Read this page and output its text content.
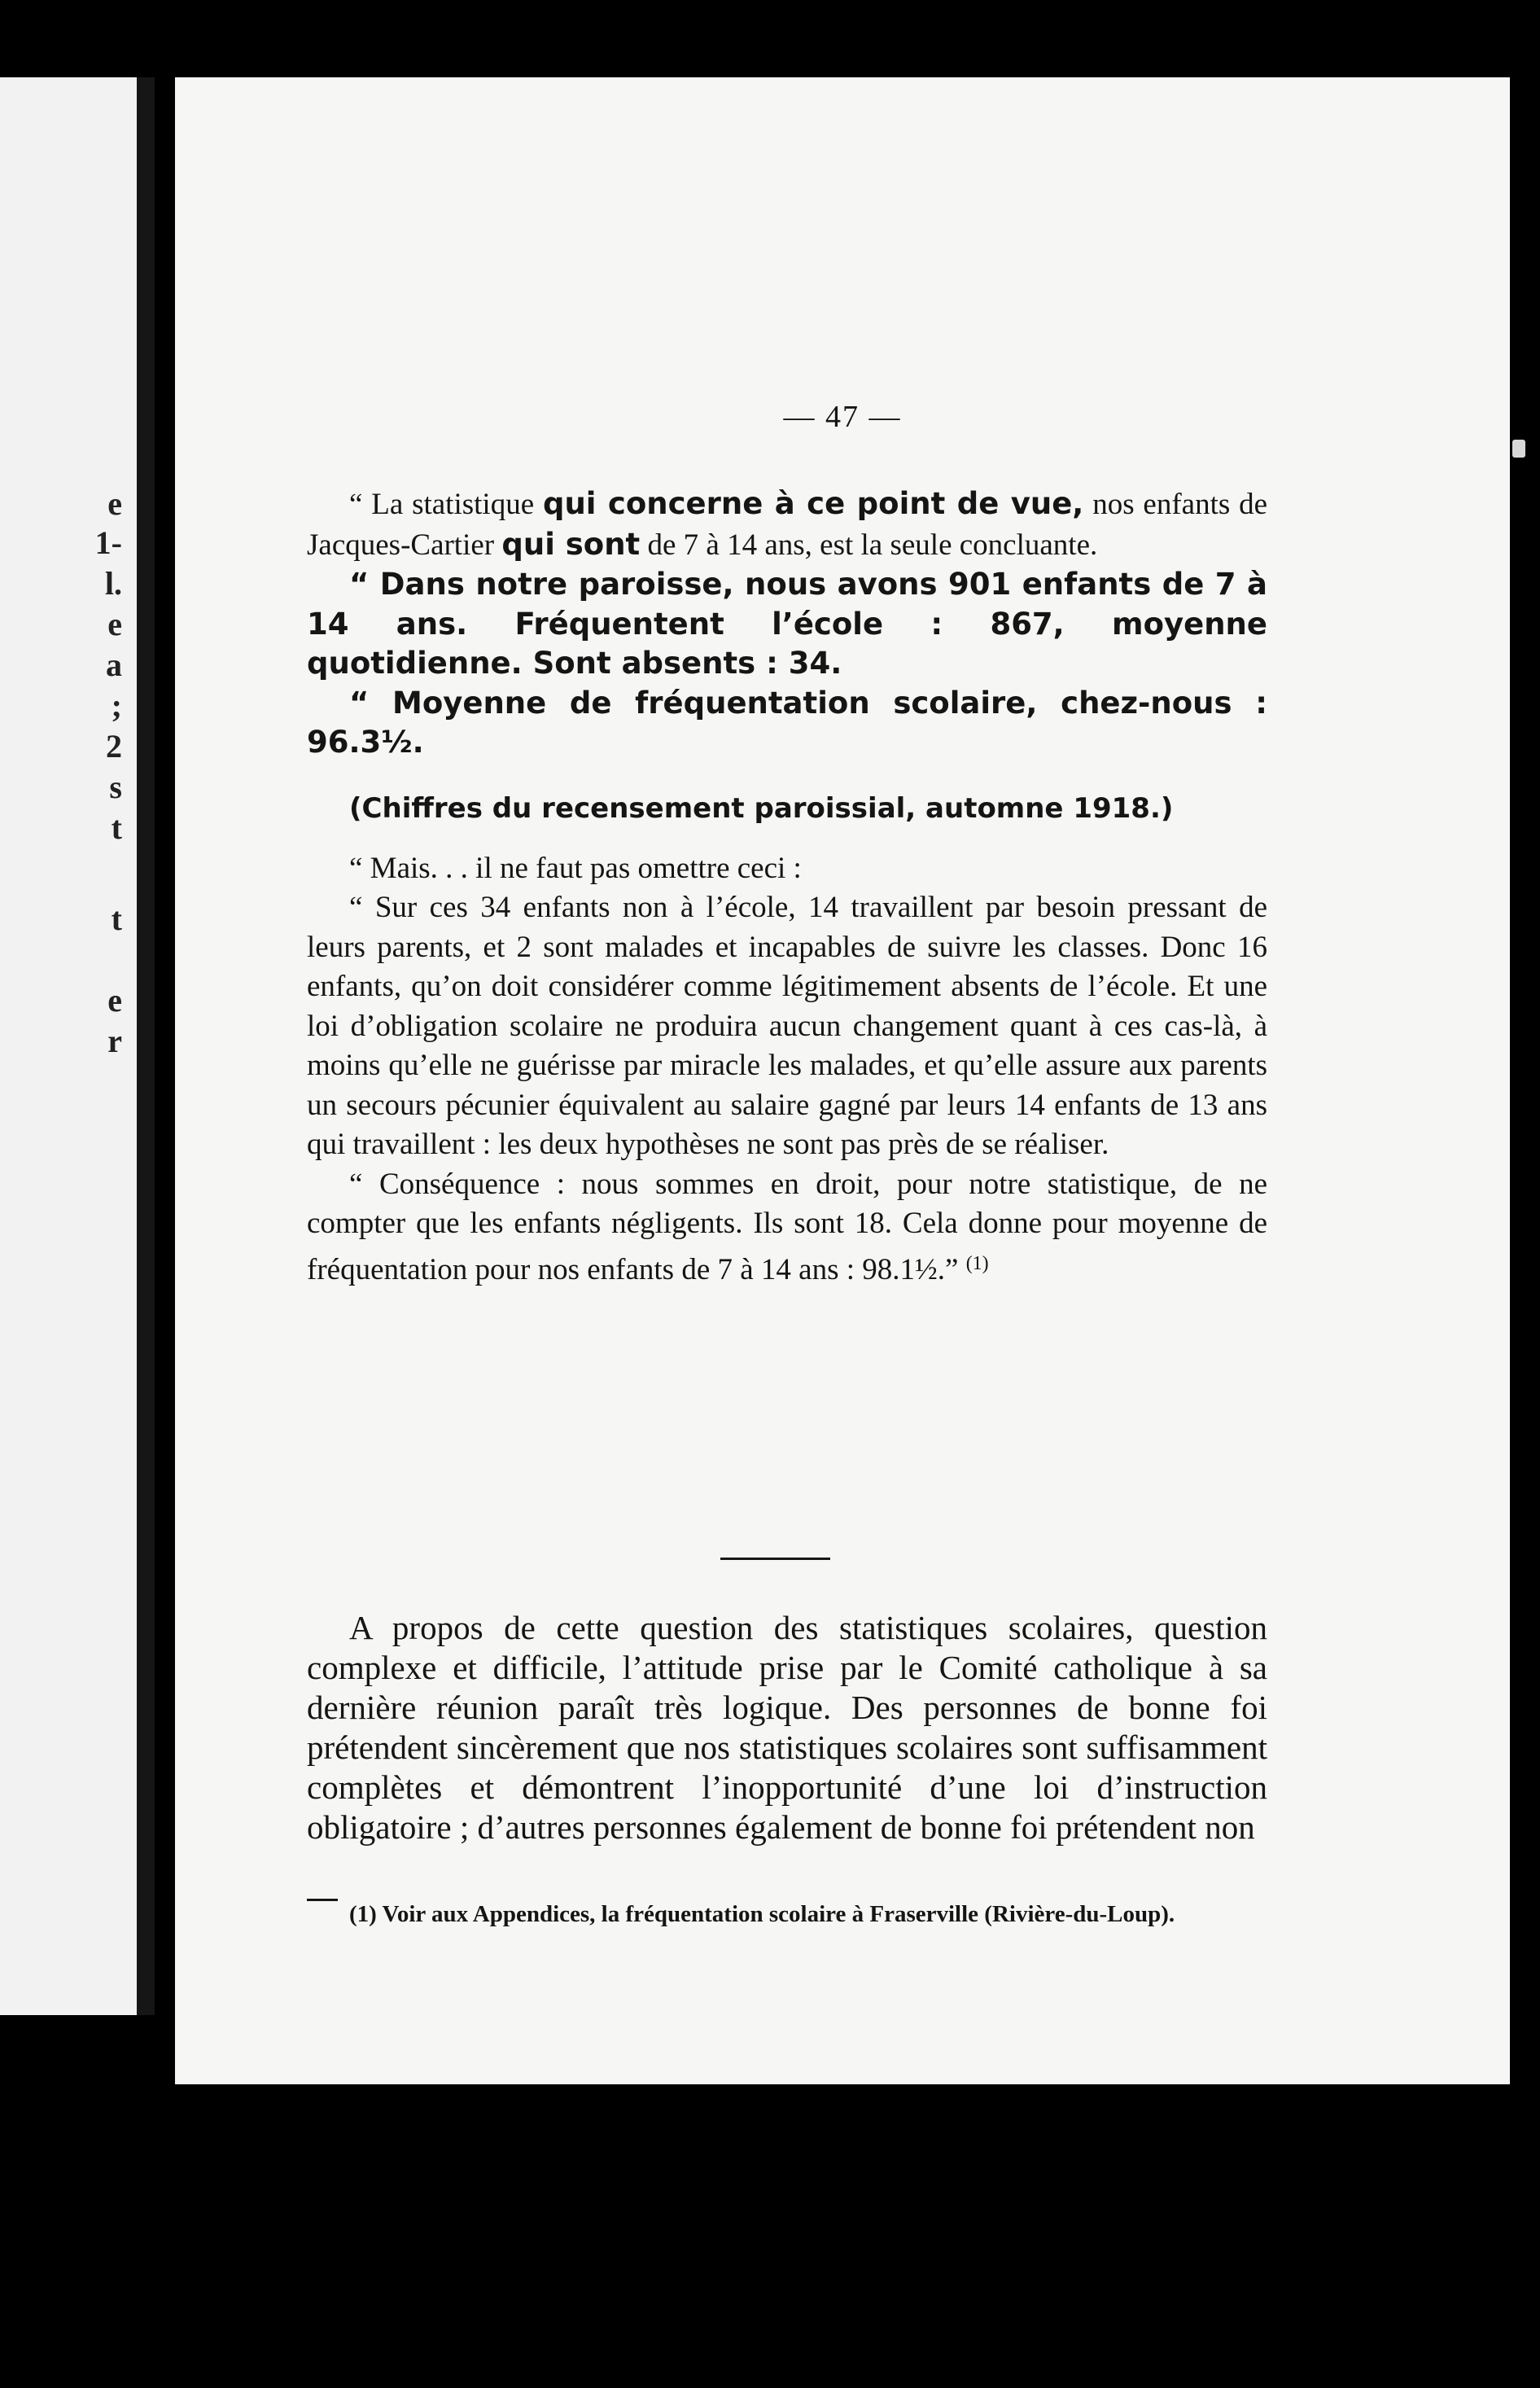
e
1-
l.
e
a
;
2
s
t
t
e
r
— 47 —

“ La statistique qui concerne à ce point de vue, nos enfants de Jacques-Cartier qui sont de 7 à 14 ans, est la seule concluante.

“ Dans notre paroisse, nous avons 901 enfants de 7 à 14 ans. Fréquentent l’école : 867, moyenne quotidienne. Sont absents : 34.

“ Moyenne de fréquentation scolaire, chez-nous : 96.3½.

(Chiffres du recensement paroissial, automne 1918.)

“ Mais. . . il ne faut pas omettre ceci :

“ Sur ces 34 enfants non à l’école, 14 travaillent par besoin pressant de leurs parents, et 2 sont malades et incapables de suivre les classes. Donc 16 enfants, qu’on doit considérer comme légitimement absents de l’école. Et une loi d’obligation scolaire ne produira aucun changement quant à ces cas-là, à moins qu’elle ne guérisse par miracle les malades, et qu’elle assure aux parents un secours pécunier équivalent au salaire gagné par leurs 14 enfants de 13 ans qui travaillent : les deux hypothèses ne sont pas près de se réaliser.

“ Conséquence : nous sommes en droit, pour notre statistique, de ne compter que les enfants négligents. Ils sont 18. Cela donne pour moyenne de fréquentation pour nos enfants de 7 à 14 ans : 98.1½.” $^{(1)}$

A propos de cette question des statistiques scolaires, question complexe et difficile, l’attitude prise par le Comité catholique à sa dernière réunion paraît très logique. Des personnes de bonne foi prétendent sincèrement que nos statistiques scolaires sont suffisamment complètes et démontrent l’inopportunité d’une loi d’instruction obligatoire ; d’autres personnes également de bonne foi prétendent non

(1) Voir aux Appendices, la fréquentation scolaire à Fraserville (Rivière-du-Loup).
